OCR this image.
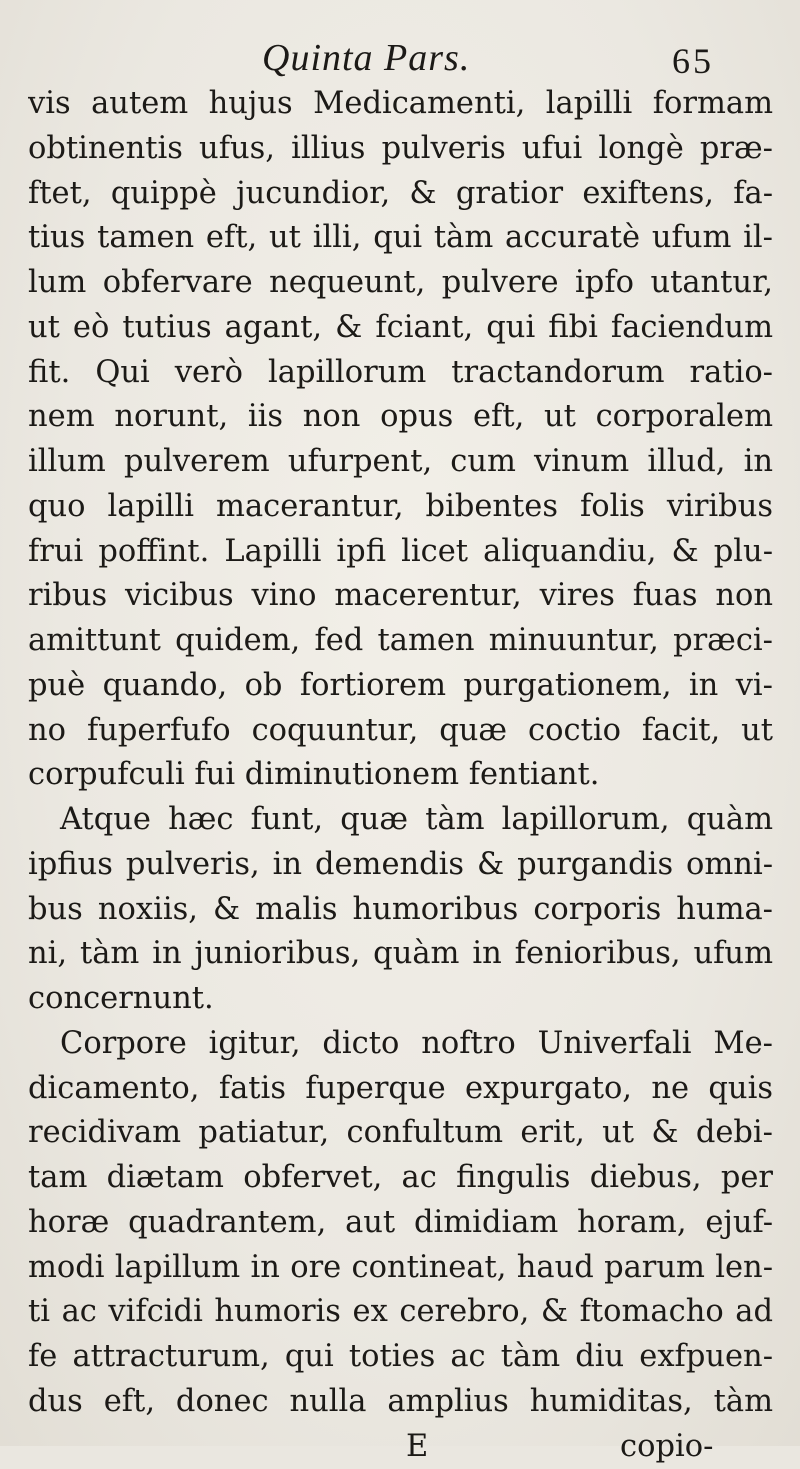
Quinta Pars.	65
vis autem hujus Medicamenti, lapilli formam
obtinentis ufus, illius pulveris ufui longè præ-
ftet, quippè jucundior, & gratior exiftens, fa-
tius tamen eft, ut illi, qui tàm accuratè ufum il-
lum obfervare nequeunt, pulvere ipfo utantur,
ut eò tutius agant, & fciant, qui fibi faciendum
fit. Qui verò lapillorum tractandorum ratio-
nem norunt, iis non opus eft, ut corporalem
illum pulverem ufurpent, cum vinum illud, in
quo lapilli macerantur, bibentes folis viribus
frui poffint. Lapilli ipfi licet aliquandiu, & plu-
ribus vicibus vino macerentur, vires fuas non
amittunt quidem, fed tamen minuuntur, præci-
puè quando, ob fortiorem purgationem, in vi-
no fuperfufo coquuntur, quæ coctio facit, ut
corpufculi fui diminutionem fentiant.
Atque hæc funt, quæ tàm lapillorum, quàm
ipfius pulveris, in demendis & purgandis omni-
bus noxiis, & malis humoribus corporis huma-
ni, tàm in junioribus, quàm in fenioribus, ufum
concernunt.
Corpore igitur, dicto noftro Univerfali Me-
dicamento, fatis fuperque expurgato, ne quis
recidivam patiatur, confultum erit, ut & debi-
tam diætam obfervet, ac fingulis diebus, per
horæ quadrantem, aut dimidiam horam, ejuf-
modi lapillum in ore contineat, haud parum len-
ti ac vifcidi humoris ex cerebro, & ftomacho ad
fe attracturum, qui toties ac tàm diu exfpuen-
dus eft, donec nulla amplius humiditas, tàm
E	copio-
